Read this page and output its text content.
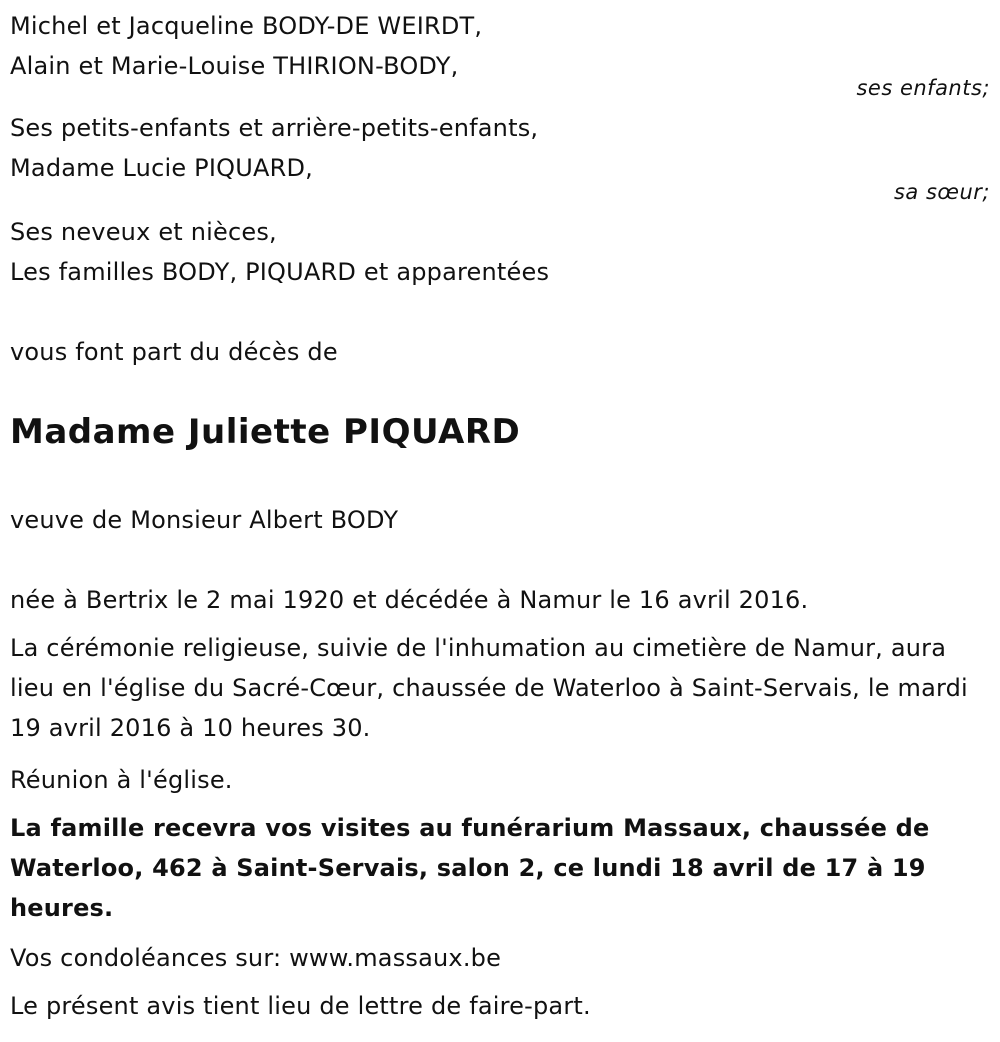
Michel et Jacqueline BODY-DE WEIRDT,
Alain et Marie-Louise THIRION-BODY,
ses enfants;
Ses petits-enfants et arrière-petits-enfants,
Madame Lucie PIQUARD,
sa sœur;
Ses neveux et nièces,
Les familles BODY, PIQUARD et apparentées
vous font part du décès de
Madame Juliette PIQUARD
veuve de Monsieur Albert BODY
née à Bertrix le 2 mai 1920 et décédée à Namur le 16 avril 2016.
La cérémonie religieuse, suivie de l'inhumation au cimetière de Namur, aura lieu en l'église du Sacré-Cœur, chaussée de Waterloo à Saint-Servais, le mardi 19 avril 2016 à 10 heures 30.
Réunion à l'église.
La famille recevra vos visites au funérarium Massaux, chaussée de Waterloo, 462 à Saint-Servais, salon 2, ce lundi 18 avril de 17 à 19 heures.
Vos condoléances sur: www.massaux.be
Le présent avis tient lieu de lettre de faire-part.
